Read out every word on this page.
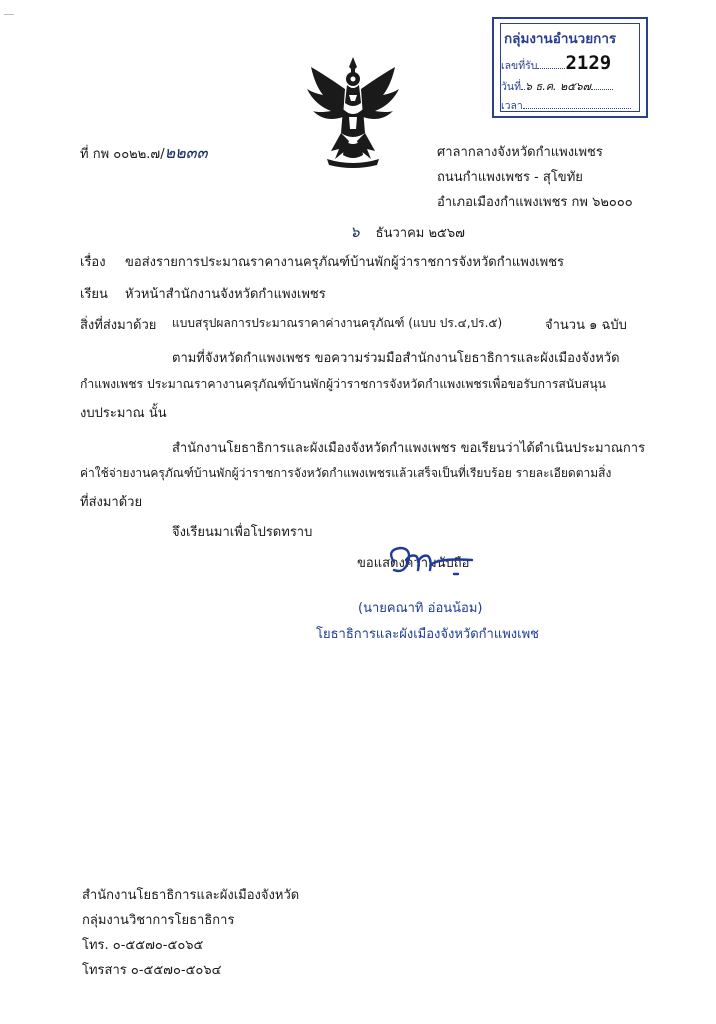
กลุ่มงานอำนวยการ
เลขที่รับ 2129
วันที่ ๖ ธ.ค. ๒๕๖๗
เวลา
ที่ กพ ๐๐๒๒.๗/๒๒๓๓	ศาลากลางจังหวัดกำแพงเพชร
ถนนกำแพงเพชร - สุโขทัย
อำเภอเมืองกำแพงเพชร กพ ๖๒๐๐๐
๖ ธันวาคม ๒๕๖๗
เรื่อง ขอส่งรายการประมาณราคางานครุภัณฑ์บ้านพักผู้ว่าราชการจังหวัดกำแพงเพชร
เรียน หัวหน้าสำนักงานจังหวัดกำแพงเพชร
สิ่งที่ส่งมาด้วย แบบสรุปผลการประมาณราคาค่างานครุภัณฑ์ (แบบ ปร.๔,ปร.๕)	จำนวน ๑ ฉบับ
ตามที่จังหวัดกำแพงเพชร ขอความร่วมมือสำนักงานโยธาธิการและผังเมืองจังหวัด
กำแพงเพชร ประมาณราคางานครุภัณฑ์บ้านพักผู้ว่าราชการจังหวัดกำแพงเพชรเพื่อขอรับการสนับสนุน
งบประมาณ นั้น
สำนักงานโยธาธิการและผังเมืองจังหวัดกำแพงเพชร ขอเรียนว่าได้ดำเนินประมาณการ
ค่าใช้จ่ายงานครุภัณฑ์บ้านพักผู้ว่าราชการจังหวัดกำแพงเพชรแล้วเสร็จเป็นที่เรียบร้อย รายละเอียดตามสิ่ง
ที่ส่งมาด้วย
จึงเรียนมาเพื่อโปรดทราบ
ขอแสดงความนับถือ
(นายคณาทิ อ่อนน้อม)
โยธาธิการและผังเมืองจังหวัดกำแพงเพช
สำนักงานโยธาธิการและผังเมืองจังหวัด
กลุ่มงานวิชาการโยธาธิการ
โทร. ๐-๕๕๗๐-๕๐๖๕
โทรสาร ๐-๕๕๗๐-๕๐๖๔
